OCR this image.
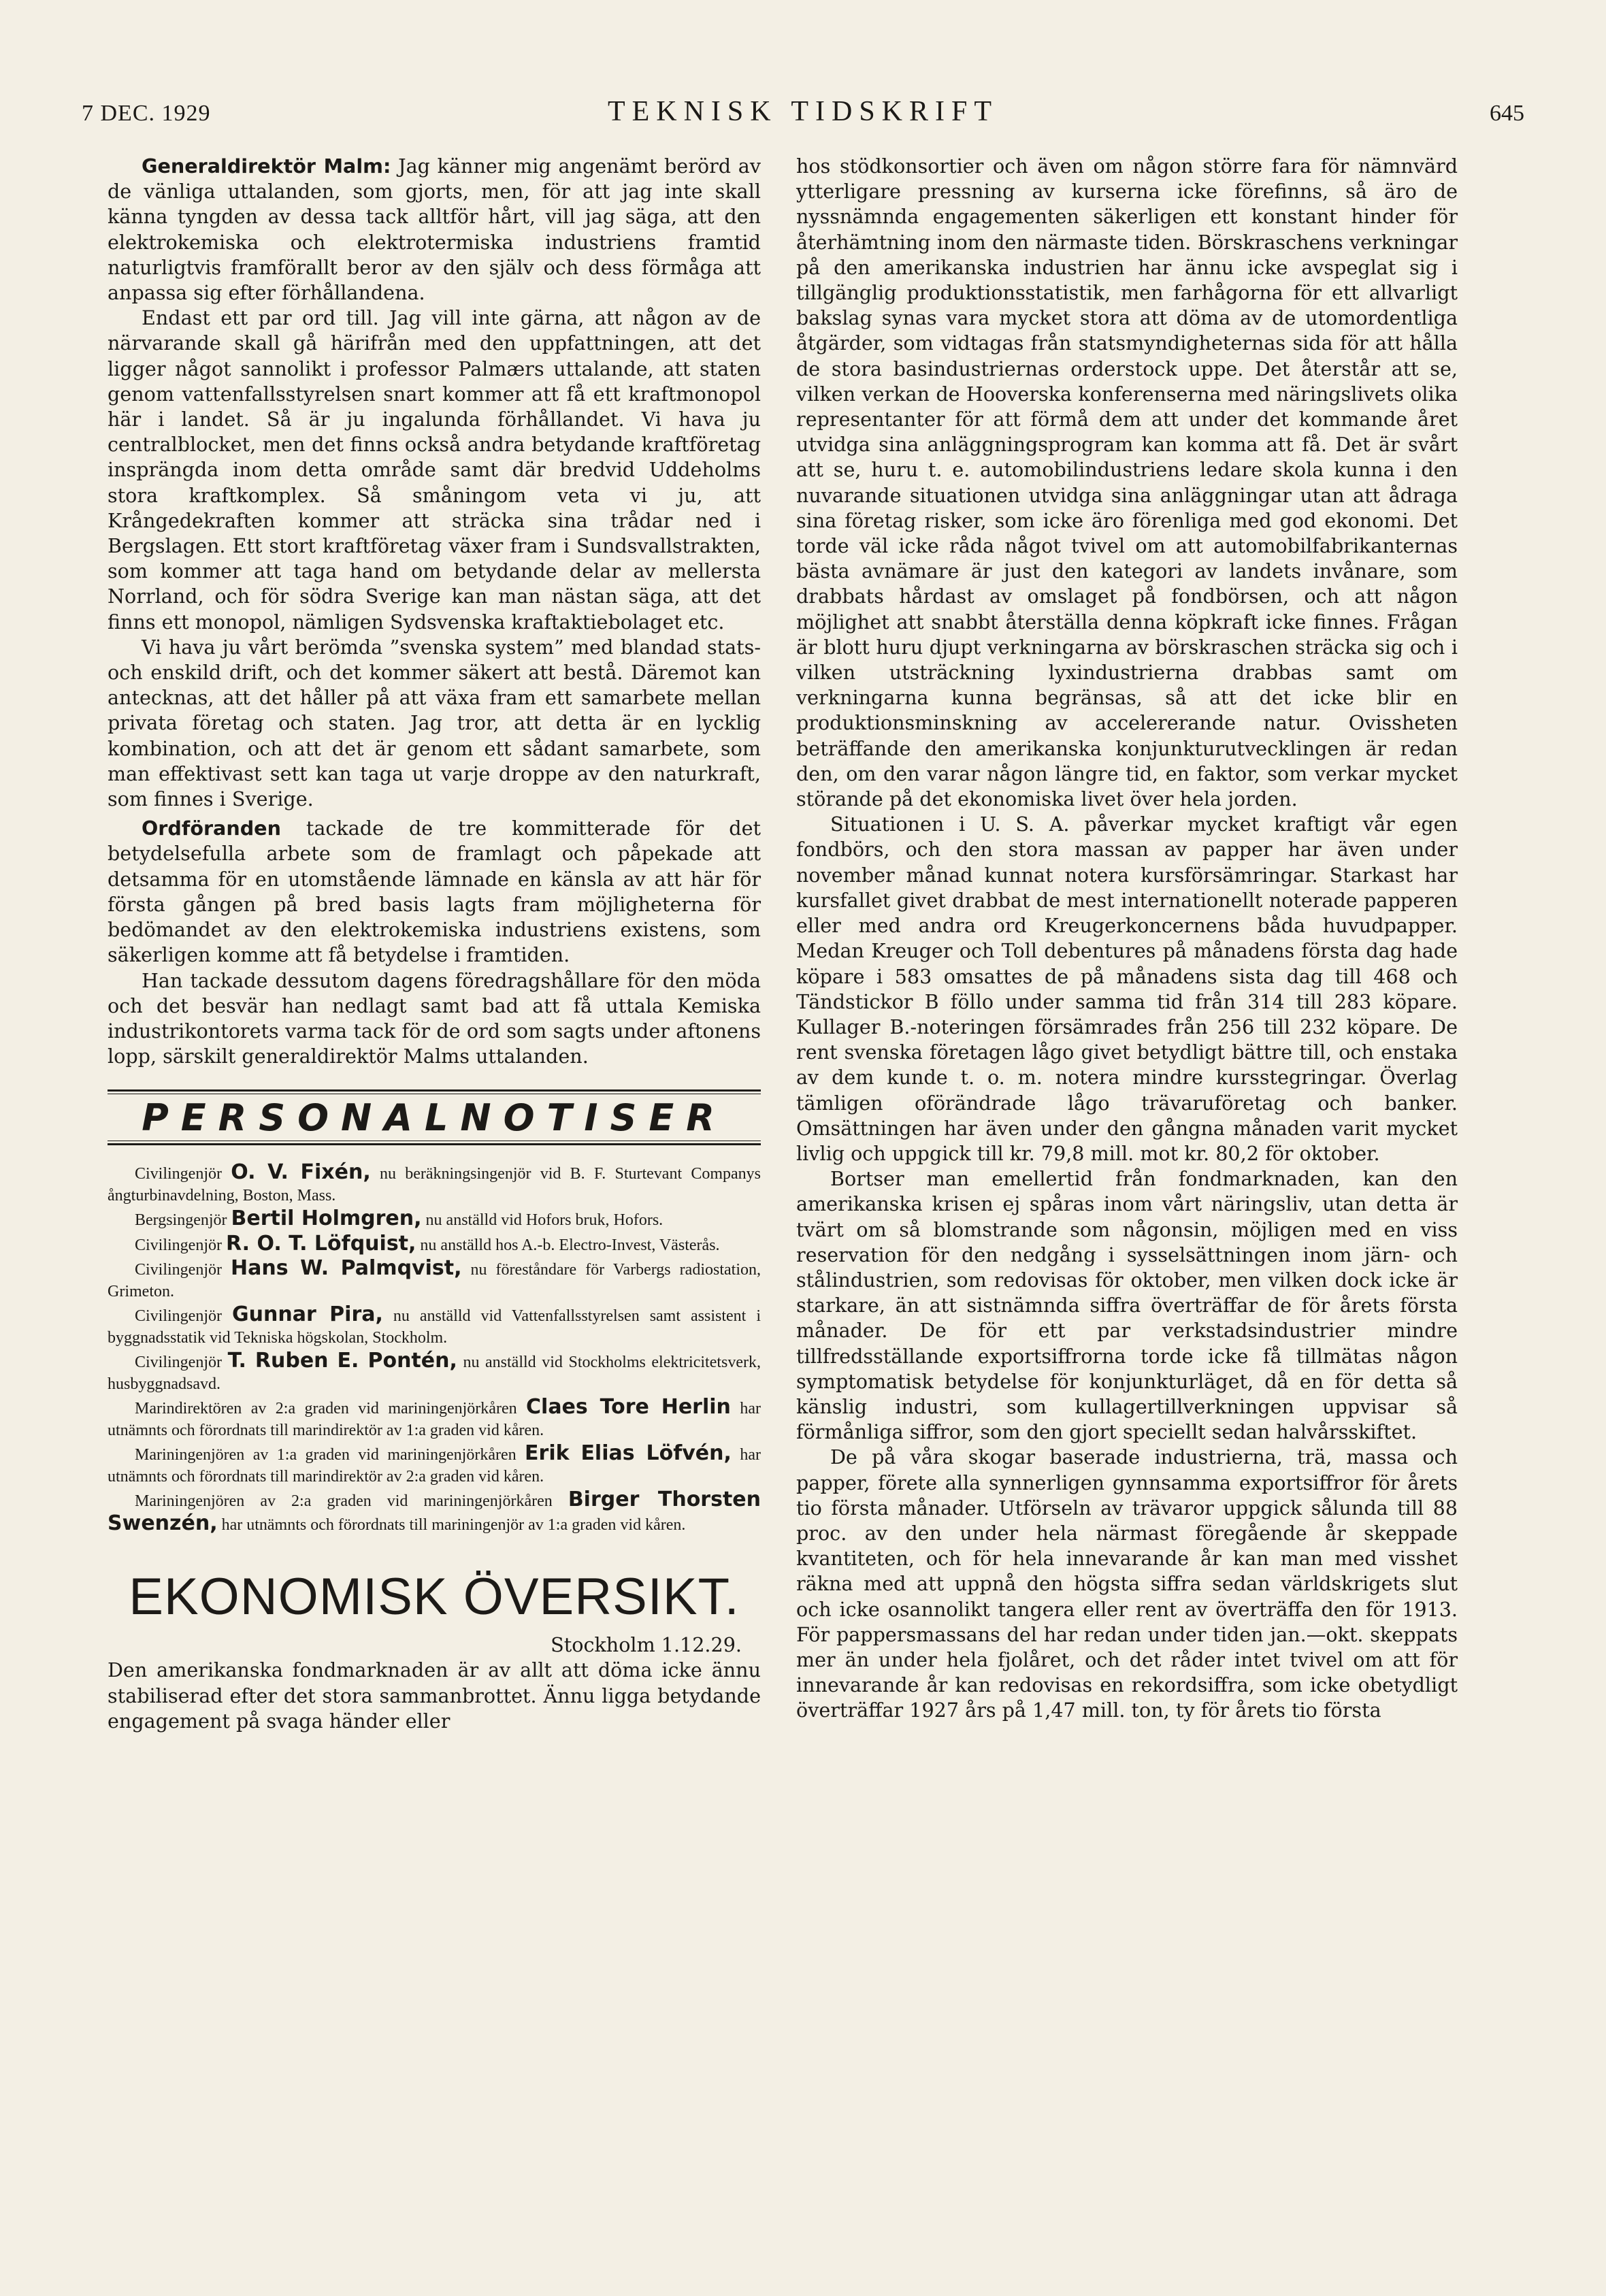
7 DEC. 1929	TEKNISK TIDSKRIFT	645

Generaldirektör Malm: Jag känner mig angenämt berörd av de vänliga uttalanden, som gjorts, men, för att jag inte skall känna tyngden av dessa tack alltför hårt, vill jag säga, att den elektrokemiska och elektrotermiska industriens framtid naturligtvis framförallt beror av den själv och dess förmåga att anpassa sig efter förhållandena.

Endast ett par ord till. Jag vill inte gärna, att någon av de närvarande skall gå härifrån med den uppfattningen, att det ligger något sannolikt i professor Palmærs uttalande, att staten genom vattenfallsstyrelsen snart kommer att få ett kraftmonopol här i landet. Så är ju ingalunda förhållandet. Vi hava ju centralblocket, men det finns också andra betydande kraftföretag insprängda inom detta område samt där bredvid Uddeholms stora kraftkomplex. Så småningom veta vi ju, att Krångedekraften kommer att sträcka sina trådar ned i Bergslagen. Ett stort kraftföretag växer fram i Sundsvallstrakten, som kommer att taga hand om betydande delar av mellersta Norrland, och för södra Sverige kan man nästan säga, att det finns ett monopol, nämligen Sydsvenska kraftaktiebolaget etc.

Vi hava ju vårt berömda ”svenska system” med blandad stats- och enskild drift, och det kommer säkert att bestå. Däremot kan antecknas, att det håller på att växa fram ett samarbete mellan privata företag och staten. Jag tror, att detta är en lycklig kombination, och att det är genom ett sådant samarbete, som man effektivast sett kan taga ut varje droppe av den naturkraft, som finnes i Sverige.

Ordföranden tackade de tre kommitterade för det betydelsefulla arbete som de framlagt och påpekade att detsamma för en utomstående lämnade en känsla av att här för första gången på bred basis lagts fram möjligheterna för bedömandet av den elektrokemiska industriens existens, som säkerligen komme att få betydelse i framtiden.

Han tackade dessutom dagens föredragshållare för den möda och det besvär han nedlagt samt bad att få uttala Kemiska industrikontorets varma tack för de ord som sagts under aftonens lopp, särskilt generaldirektör Malms uttalanden.

PERSONALNOTISER

Civilingenjör O. V. Fixén, nu beräkningsingenjör vid B. F. Sturtevant Companys ångturbinavdelning, Boston, Mass.

Bergsingenjör Bertil Holmgren, nu anställd vid Hofors bruk, Hofors.

Civilingenjör R. O. T. Löfquist, nu anställd hos A.-b. Electro-Invest, Västerås.

Civilingenjör Hans W. Palmqvist, nu föreståndare för Varbergs radiostation, Grimeton.

Civilingenjör Gunnar Pira, nu anställd vid Vattenfallsstyrelsen samt assistent i byggnadsstatik vid Tekniska högskolan, Stockholm.

Civilingenjör T. Ruben E. Pontén, nu anställd vid Stockholms elektricitetsverk, husbyggnadsavd.

Marindirektören av 2:a graden vid mariningenjörkåren Claes Tore Herlin har utnämnts och förordnats till marindirektör av 1:a graden vid kåren.

Mariningenjören av 1:a graden vid mariningenjörkåren Erik Elias Löfvén, har utnämnts och förordnats till marindirektör av 2:a graden vid kåren.

Mariningenjören av 2:a graden vid mariningenjörkåren Birger Thorsten Swenzén, har utnämnts och förordnats till mariningenjör av 1:a graden vid kåren.

EKONOMISK ÖVERSIKT.

Stockholm 1.12.29.

Den amerikanska fondmarknaden är av allt att döma icke ännu stabiliserad efter det stora sammanbrottet. Ännu ligga betydande engagement på svaga händer eller

hos stödkonsortier och även om någon större fara för nämnvärd ytterligare pressning av kurserna icke förefinns, så äro de nyssnämnda engagementen säkerligen ett konstant hinder för återhämtning inom den närmaste tiden. Börskraschens verkningar på den amerikanska industrien har ännu icke avspeglat sig i tillgänglig produktionsstatistik, men farhågorna för ett allvarligt bakslag synas vara mycket stora att döma av de utomordentliga åtgärder, som vidtagas från statsmyndigheternas sida för att hålla de stora basindustriernas orderstock uppe. Det återstår att se, vilken verkan de Hooverska konferenserna med näringslivets olika representanter för att förmå dem att under det kommande året utvidga sina anläggningsprogram kan komma att få. Det är svårt att se, huru t. e. automobilindustriens ledare skola kunna i den nuvarande situationen utvidga sina anläggningar utan att ådraga sina företag risker, som icke äro förenliga med god ekonomi. Det torde väl icke råda något tvivel om att automobilfabrikanternas bästa avnämare är just den kategori av landets invånare, som drabbats hårdast av omslaget på fondbörsen, och att någon möjlighet att snabbt återställa denna köpkraft icke finnes. Frågan är blott huru djupt verkningarna av börskraschen sträcka sig och i vilken utsträckning lyxindustrierna drabbas samt om verkningarna kunna begränsas, så att det icke blir en produktionsminskning av accelererande natur. Ovissheten beträffande den amerikanska konjunkturutvecklingen är redan den, om den varar någon längre tid, en faktor, som verkar mycket störande på det ekonomiska livet över hela jorden.

Situationen i U. S. A. påverkar mycket kraftigt vår egen fondbörs, och den stora massan av papper har även under november månad kunnat notera kursförsämringar. Starkast har kursfallet givet drabbat de mest internationellt noterade papperen eller med andra ord Kreugerkoncernens båda huvudpapper. Medan Kreuger och Toll debentures på månadens första dag hade köpare i 583 omsattes de på månadens sista dag till 468 och Tändstickor B föllo under samma tid från 314 till 283 köpare. Kullager B.-noteringen försämrades från 256 till 232 köpare. De rent svenska företagen lågo givet betydligt bättre till, och enstaka av dem kunde t. o. m. notera mindre kursstegringar. Överlag tämligen oförändrade lågo trävaruföretag och banker. Omsättningen har även under den gångna månaden varit mycket livlig och uppgick till kr. 79,8 mill. mot kr. 80,2 för oktober.

Bortser man emellertid från fondmarknaden, kan den amerikanska krisen ej spåras inom vårt näringsliv, utan detta är tvärt om så blomstrande som någonsin, möjligen med en viss reservation för den nedgång i sysselsättningen inom järn- och stålindustrien, som redovisas för oktober, men vilken dock icke är starkare, än att sistnämnda siffra överträffar de för årets första månader. De för ett par verkstadsindustrier mindre tillfredsställande exportsiffrorna torde icke få tillmätas någon symptomatisk betydelse för konjunkturläget, då en för detta så känslig industri, som kullagertillverkningen uppvisar så förmånliga siffror, som den gjort speciellt sedan halvårsskiftet.

De på våra skogar baserade industrierna, trä, massa och papper, förete alla synnerligen gynnsamma exportsiffror för årets tio första månader. Utförseln av trävaror uppgick sålunda till 88 proc. av den under hela närmast föregående år skeppade kvantiteten, och för hela innevarande år kan man med visshet räkna med att uppnå den högsta siffra sedan världskrigets slut och icke osannolikt tangera eller rent av överträffa den för 1913. För pappersmassans del har redan under tiden jan.—okt. skeppats mer än under hela fjolåret, och det råder intet tvivel om att för innevarande år kan redovisas en rekordsiffra, som icke obetydligt överträffar 1927 års på 1,47 mill. ton, ty för årets tio första
